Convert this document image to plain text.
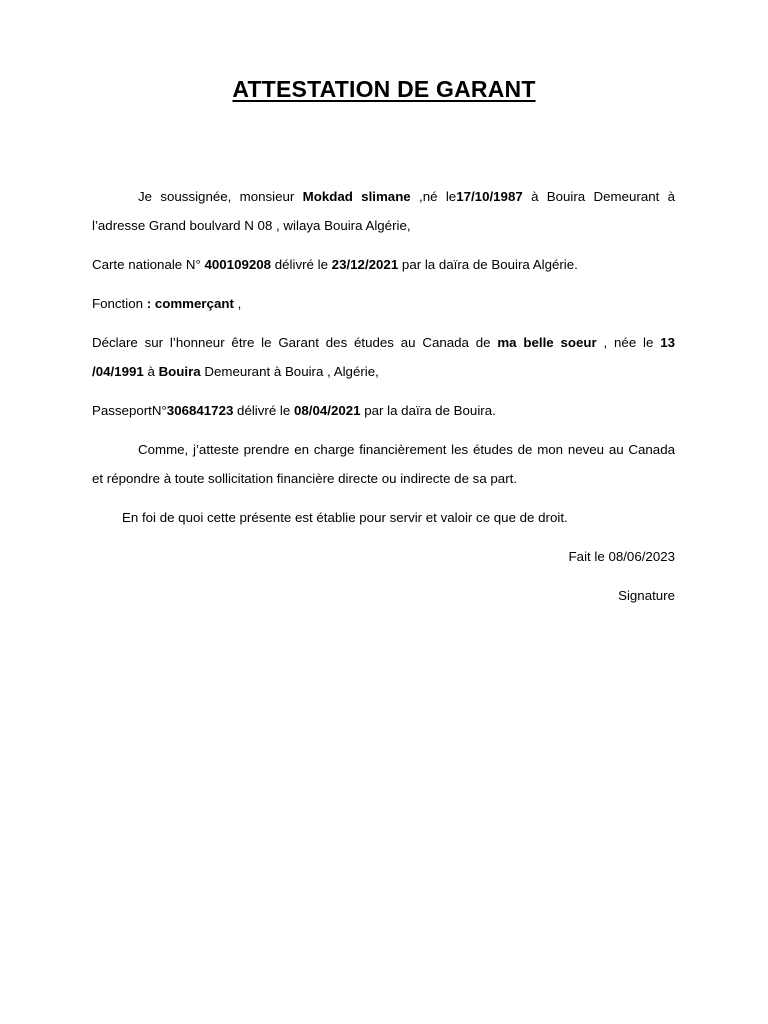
ATTESTATION DE GARANT

Je soussignée, monsieur Mokdad slimane ,né le17/10/1987 à Bouira Demeurant à l’adresse Grand boulvard N 08 , wilaya Bouira Algérie,

Carte nationale N° 400109208 délivré le 23/12/2021 par la daïra de Bouira Algérie.

Fonction : commerçant ,

Déclare sur l’honneur être le Garant des études au Canada de ma belle soeur , née le 13 /04/1991 à Bouira Demeurant à Bouira , Algérie,

PasseportN°306841723 délivré le 08/04/2021 par la daïra de Bouira.

Comme, j’atteste prendre en charge financièrement les études de mon neveu au Canada et répondre à toute sollicitation financière directe ou indirecte de sa part.

En foi de quoi cette présente est établie pour servir et valoir ce que de droit.

Fait le 08/06/2023

Signature
